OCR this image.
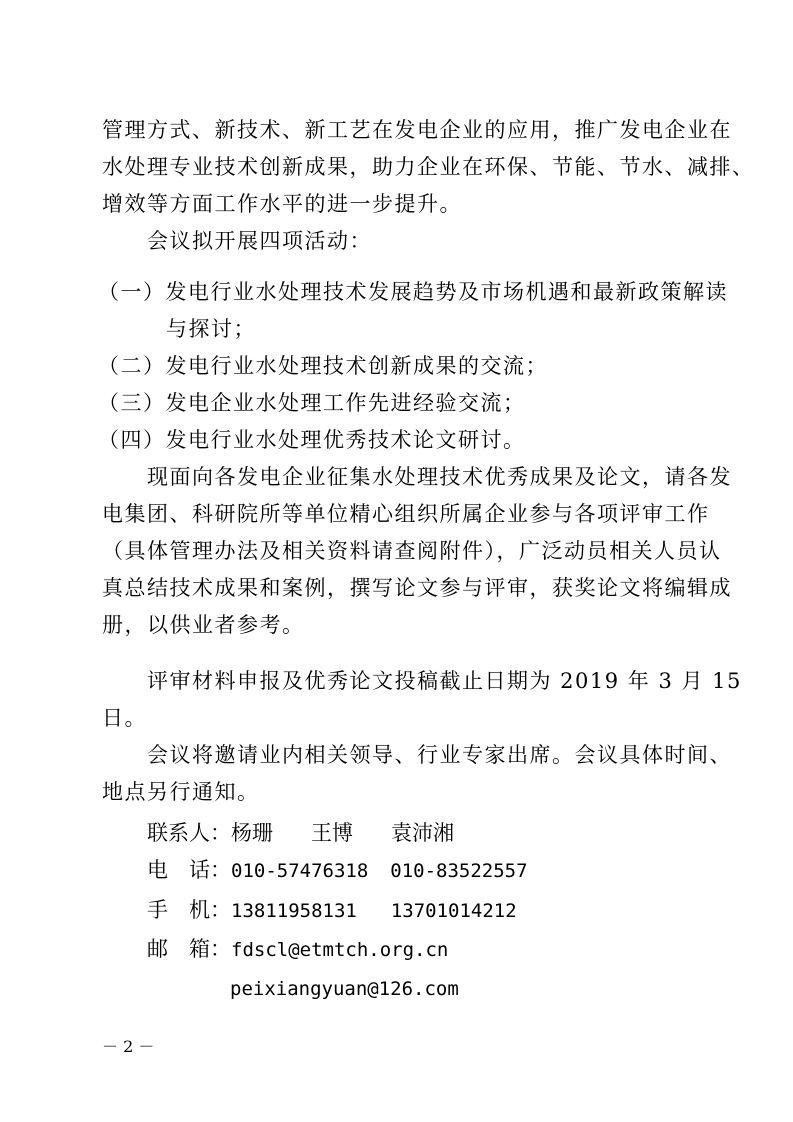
管理方式、新技术、新工艺在发电企业的应用，推广发电企业在
水处理专业技术创新成果，助力企业在环保、节能、节水、减排、
增效等方面工作水平的进一步提升。
会议拟开展四项活动：
（一）发电行业水处理技术发展趋势及市场机遇和最新政策解读
与探讨；
（二）发电行业水处理技术创新成果的交流；
（三）发电企业水处理工作先进经验交流；
（四）发电行业水处理优秀技术论文研讨。
现面向各发电企业征集水处理技术优秀成果及论文，请各发
电集团、科研院所等单位精心组织所属企业参与各项评审工作
（具体管理办法及相关资料请查阅附件），广泛动员相关人员认
真总结技术成果和案例，撰写论文参与评审，获奖论文将编辑成
册，以供业者参考。
评审材料申报及优秀论文投稿截止日期为 2019 年 3 月 15
日。
会议将邀请业内相关领导、行业专家出席。会议具体时间、
地点另行通知。
联系人：杨珊 王博 袁沛湘
电　话：010-57476318 010-83522557
手　机：13811958131 13701014212
邮　箱：fdscl@etmtch.org.cn
peixiangyuan@126.com
－ 2 －
